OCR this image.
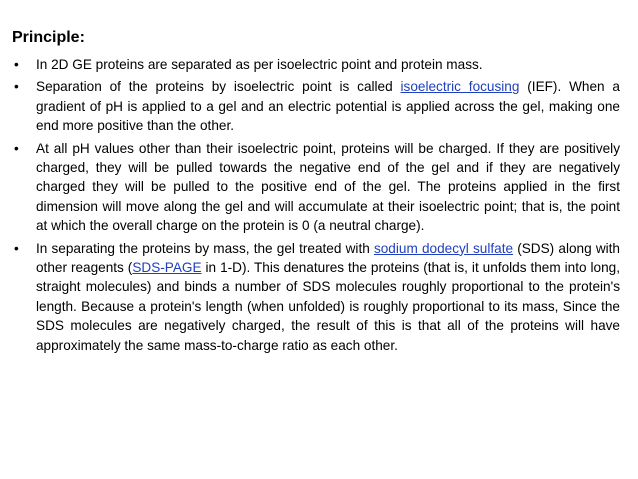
Principle:
• In 2D GE proteins are separated as per isoelectric point and protein mass.
• Separation of the proteins by isoelectric point is called isoelectric focusing (IEF). When a gradient of pH is applied to a gel and an electric potential is applied across the gel, making one end more positive than the other.
• At all pH values other than their isoelectric point, proteins will be charged. If they are positively charged, they will be pulled towards the negative end of the gel and if they are negatively charged they will be pulled to the positive end of the gel. The proteins applied in the first dimension will move along the gel and will accumulate at their isoelectric point; that is, the point at which the overall charge on the protein is 0 (a neutral charge).
• In separating the proteins by mass, the gel treated with sodium dodecyl sulfate (SDS) along with other reagents (SDS-PAGE in 1-D). This denatures the proteins (that is, it unfolds them into long, straight molecules) and binds a number of SDS molecules roughly proportional to the protein's length. Because a protein's length (when unfolded) is roughly proportional to its mass, Since the SDS molecules are negatively charged, the result of this is that all of the proteins will have approximately the same mass-to-charge ratio as each other.
